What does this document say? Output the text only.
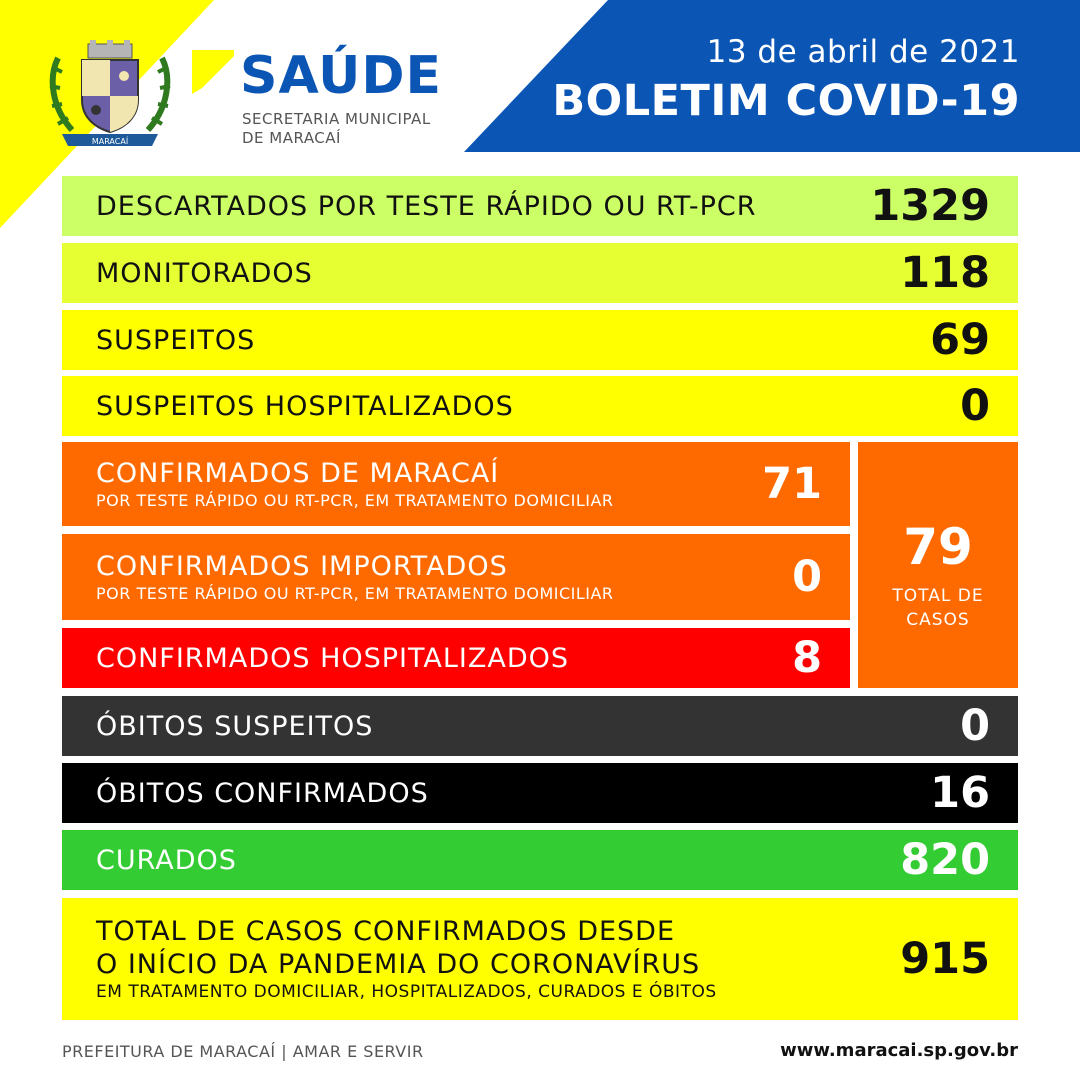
13 de abril de 2021
BOLETIM COVID-19
MARACAÍ
SAÚDE
SECRETARIA MUNICIPAL
DE MARACAÍ
DESCARTADOS POR TESTE RÁPIDO OU RT-PCR	1329
MONITORADOS	118
SUSPEITOS	69
SUSPEITOS HOSPITALIZADOS	0
CONFIRMADOS DE MARACAÍ
POR TESTE RÁPIDO OU RT-PCR, EM TRATAMENTO DOMICILIAR	71
CONFIRMADOS IMPORTADOS
POR TESTE RÁPIDO OU RT-PCR, EM TRATAMENTO DOMICILIAR	0
CONFIRMADOS HOSPITALIZADOS	8
79
TOTAL DE
CASOS
ÓBITOS SUSPEITOS	0
ÓBITOS CONFIRMADOS	16
CURADOS	820
TOTAL DE CASOS CONFIRMADOS DESDE
O INÍCIO DA PANDEMIA DO CORONAVÍRUS
EM TRATAMENTO DOMICILIAR, HOSPITALIZADOS, CURADOS E ÓBITOS
915
PREFEITURA DE MARACAÍ | AMAR E SERVIR	www.maracai.sp.gov.br
